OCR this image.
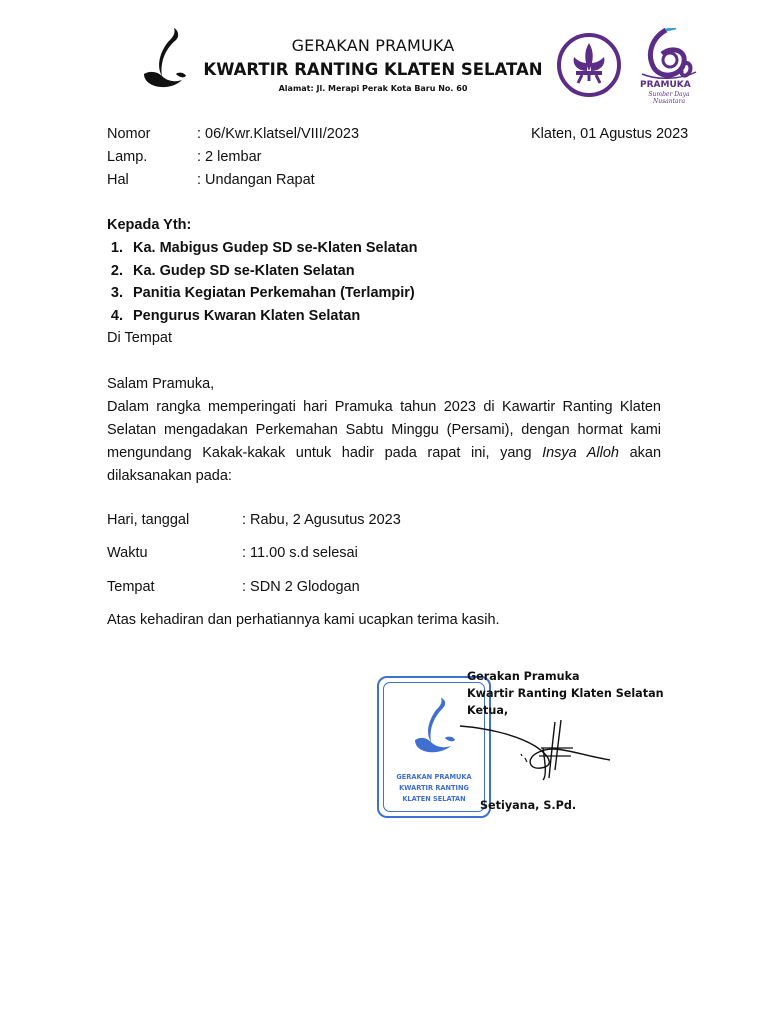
GERAKAN PRAMUKA
KWARTIR RANTING KLATEN SELATAN
Alamat: Jl. Merapi Perak Kota Baru No. 60	PRAMUKA
Sumber Daya Nusantara
Nomor	: 06/Kwr.Klatsel/VIII/2023	Klaten, 01 Agustus 2023
Lamp.	: 2 lembar
Hal	: Undangan Rapat
Kepada Yth:
1. Ka. Mabigus Gudep SD se-Klaten Selatan
2. Ka. Gudep SD se-Klaten Selatan
3. Panitia Kegiatan Perkemahan (Terlampir)
4. Pengurus Kwaran Klaten Selatan
Di Tempat
Salam Pramuka,
Dalam rangka memperingati hari Pramuka tahun 2023 di Kawartir Ranting Klaten
Selatan mengadakan Perkemahan Sabtu Minggu (Persami), dengan hormat kami
mengundang Kakak-kakak untuk hadir pada rapat ini, yang Insya Alloh akan
dilaksanakan pada:
Hari, tanggal	: Rabu, 2 Agusutus 2023
Waktu	: 11.00 s.d selesai
Tempat	: SDN 2 Glodogan
Atas kehadiran dan perhatiannya kami ucapkan terima kasih.
GERAKAN PRAMUKA
KWARTIR RANTING
KLATEN SELATAN
Gerakan Pramuka
Kwartir Ranting Klaten Selatan
Ketua,
Setiyana, S.Pd.
